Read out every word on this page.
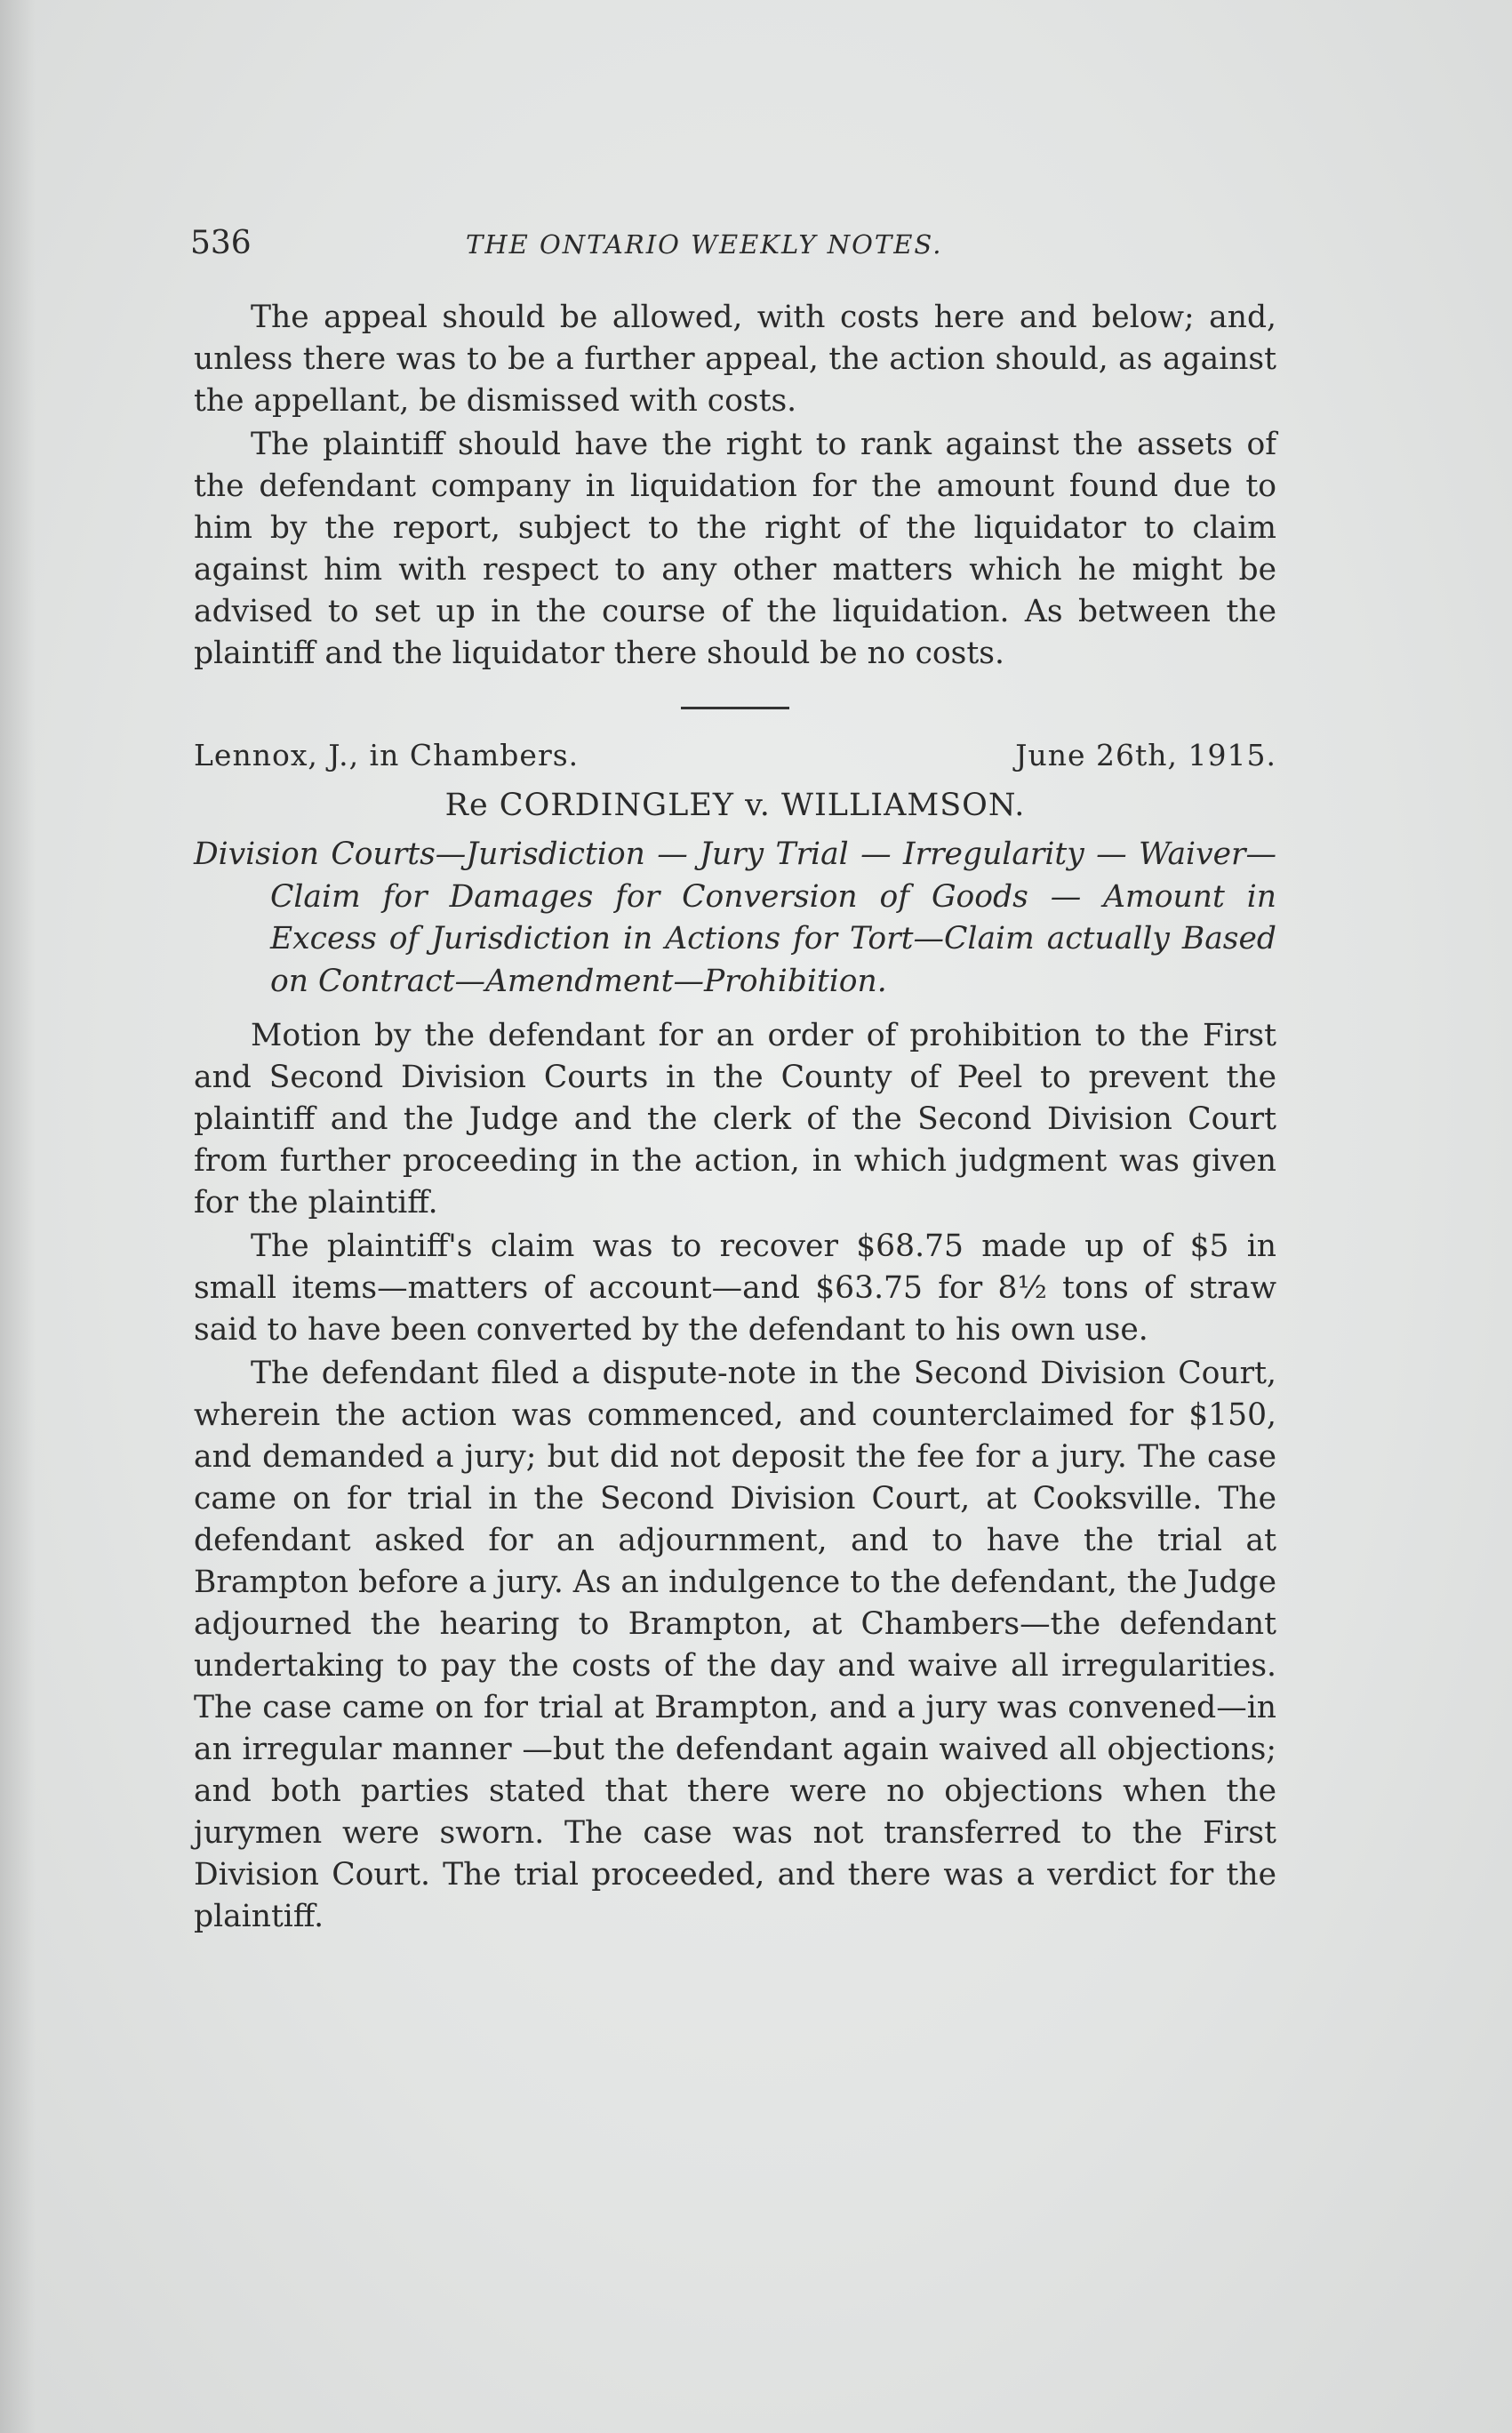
536	THE ONTARIO WEEKLY NOTES.

The appeal should be allowed, with costs here and below; and, unless there was to be a further appeal, the action should, as against the appellant, be dismissed with costs.

The plaintiff should have the right to rank against the assets of the defendant company in liquidation for the amount found due to him by the report, subject to the right of the liquidator to claim against him with respect to any other matters which he might be advised to set up in the course of the liquidation. As between the plaintiff and the liquidator there should be no costs.

Lennox, J., in Chambers.	June 26th, 1915.
Re CORDINGLEY v. WILLIAMSON.
Division Courts—Jurisdiction — Jury Trial — Irregularity — Waiver—Claim for Damages for Conversion of Goods — Amount in Excess of Jurisdiction in Actions for Tort—Claim actually Based on Contract—Amendment—Prohibition.

Motion by the defendant for an order of prohibition to the First and Second Division Courts in the County of Peel to prevent the plaintiff and the Judge and the clerk of the Second Division Court from further proceeding in the action, in which judgment was given for the plaintiff.

The plaintiff's claim was to recover $68.75 made up of $5 in small items—matters of account—and $63.75 for 8½ tons of straw said to have been converted by the defendant to his own use.

The defendant filed a dispute-note in the Second Division Court, wherein the action was commenced, and counterclaimed for $150, and demanded a jury; but did not deposit the fee for a jury. The case came on for trial in the Second Division Court, at Cooksville. The defendant asked for an adjournment, and to have the trial at Brampton before a jury. As an indulgence to the defendant, the Judge adjourned the hearing to Brampton, at Chambers—the defendant undertaking to pay the costs of the day and waive all irregularities. The case came on for trial at Brampton, and a jury was convened—in an irregular manner —but the defendant again waived all objections; and both parties stated that there were no objections when the jurymen were sworn. The case was not transferred to the First Division Court. The trial proceeded, and there was a verdict for the plaintiff.
